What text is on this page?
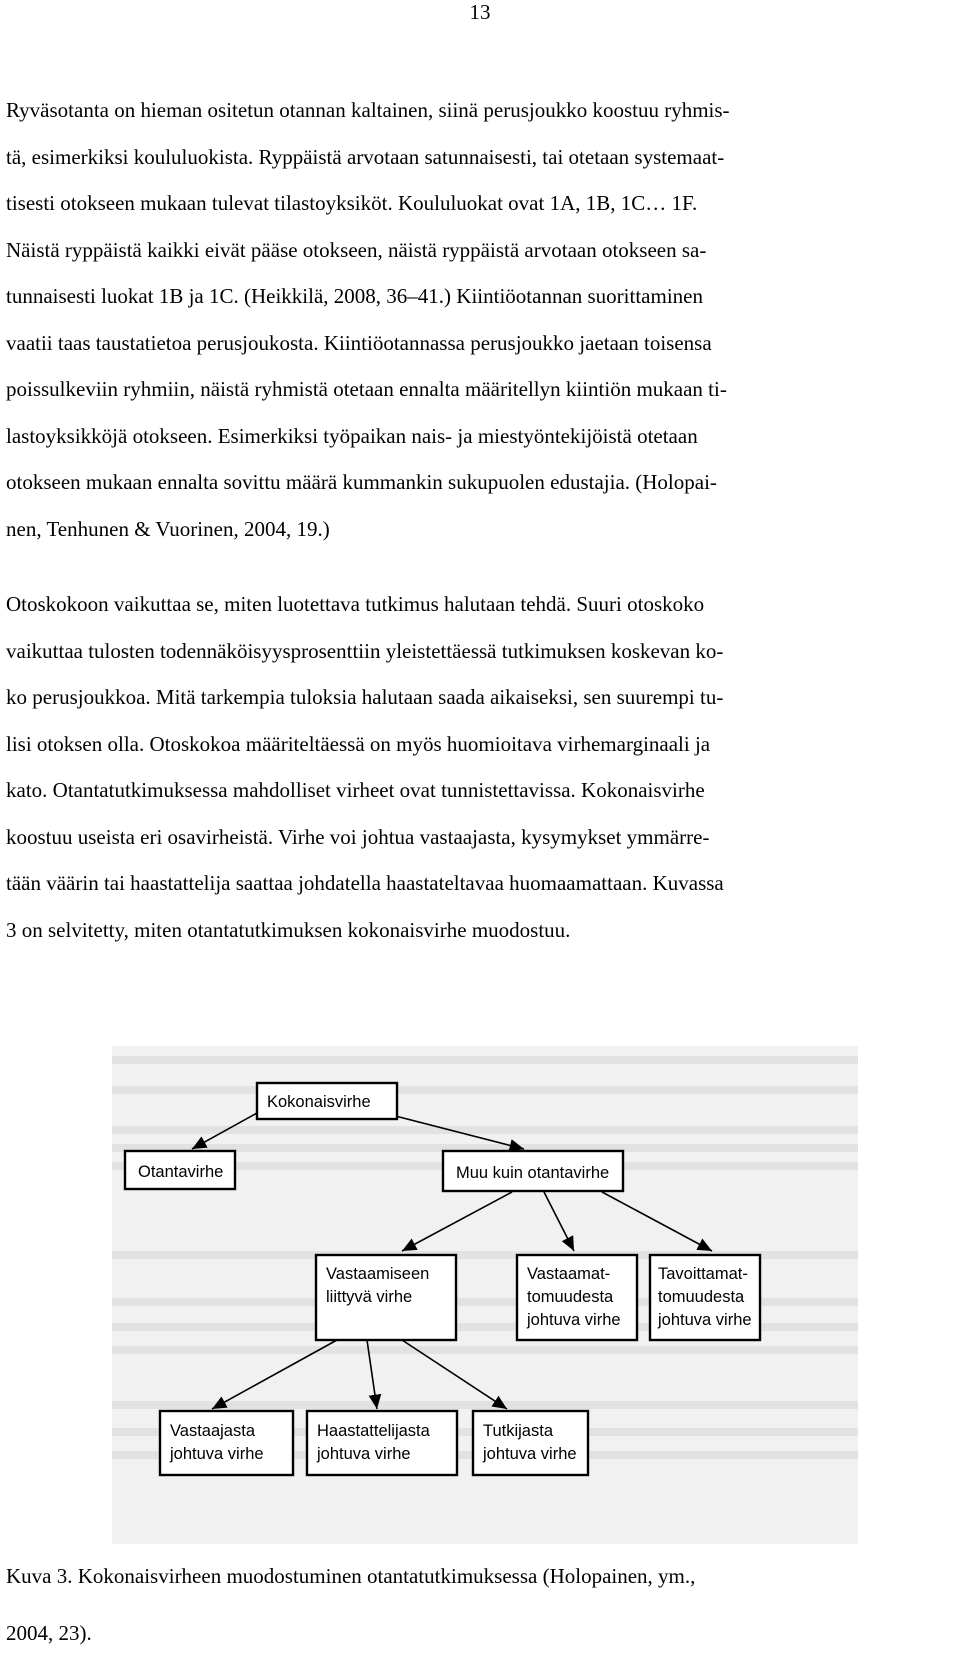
13
Ryväsotanta on hieman ositetun otannan kaltainen, siinä perusjoukko koostuu ryhmis-
tä, esimerkiksi koululuokista. Ryppäistä arvotaan satunnaisesti, tai otetaan systemaat-
tisesti otokseen mukaan tulevat tilastoyksiköt. Koululuokat ovat 1A, 1B, 1C… 1F.
Näistä ryppäistä kaikki eivät pääse otokseen, näistä ryppäistä arvotaan otokseen sa-
tunnaisesti luokat 1B ja 1C. (Heikkilä, 2008, 36–41.) Kiintiöotannan suorittaminen
vaatii taas taustatietoa perusjoukosta. Kiintiöotannassa perusjoukko jaetaan toisensa
poissulkeviin ryhmiin, näistä ryhmistä otetaan ennalta määritellyn kiintiön mukaan ti-
lastoyksikköjä otokseen. Esimerkiksi työpaikan nais- ja miestyöntekijöistä otetaan
otokseen mukaan ennalta sovittu määrä kummankin sukupuolen edustajia. (Holopai-
nen, Tenhunen & Vuorinen, 2004, 19.)
Otoskokoon vaikuttaa se, miten luotettava tutkimus halutaan tehdä. Suuri otoskoko
vaikuttaa tulosten todennäköisyysprosenttiin yleistettäessä tutkimuksen koskevan ko-
ko perusjoukkoa. Mitä tarkempia tuloksia halutaan saada aikaiseksi, sen suurempi tu-
lisi otoksen olla. Otoskokoa määriteltäessä on myös huomioitava virhemarginaali ja
kato. Otantatutkimuksessa mahdolliset virheet ovat tunnistettavissa. Kokonaisvirhe
koostuu useista eri osavirheistä. Virhe voi johtua vastaajasta, kysymykset ymmärre-
tään väärin tai haastattelija saattaa johdatella haastateltavaa huomaamattaan. Kuvassa
3 on selvitetty, miten otantatutkimuksen kokonaisvirhe muodostuu.
Kokonaisvirhe
Otantavirhe	Muu kuin otantavirhe
Vastaamiseen
liittyvä virhe
Vastaamat-
tomuudesta
johtuva virhe
Tavoittamat-
tomuudesta
johtuva virhe
Vastaajasta
johtuva virhe
Haastattelijasta
johtuva virhe
Tutkijasta
johtuva virhe
Kuva 3. Kokonaisvirheen muodostuminen otantatutkimuksessa (Holopainen, ym.,
2004, 23).
